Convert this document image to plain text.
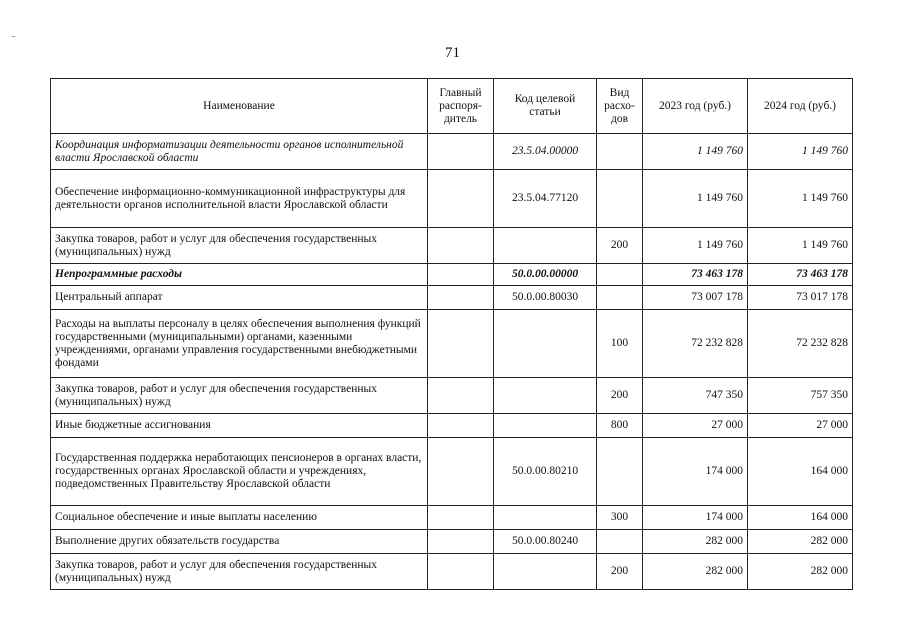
71
Наименование	Главный распоря-дитель	Код целевой статьи	Вид расхо-дов	2023 год (руб.)	2024 год (руб.)
Координация информатизации деятельности органов исполнительной власти Ярославской области		23.5.04.00000		1 149 760	1 149 760
Обеспечение информационно-коммуникационной инфраструктуры для деятельности органов исполнительной власти Ярославской области		23.5.04.77120		1 149 760	1 149 760
Закупка товаров, работ и услуг для обеспечения государственных (муниципальных) нужд			200	1 149 760	1 149 760
Непрограммные расходы		50.0.00.00000		73 463 178	73 463 178
Центральный аппарат		50.0.00.80030		73 007 178	73 017 178
Расходы на выплаты персоналу в целях обеспечения выполнения функций государственными (муниципальными) органами, казенными учреждениями, органами управления государственными внебюджетными фондами			100	72 232 828	72 232 828
Закупка товаров, работ и услуг для обеспечения государственных (муниципальных) нужд			200	747 350	757 350
Иные бюджетные ассигнования			800	27 000	27 000
Государственная поддержка неработающих пенсионеров в органах власти, государственных органах Ярославской области и учреждениях, подведомственных Правительству Ярославской области		50.0.00.80210		174 000	164 000
Социальное обеспечение и иные выплаты населению			300	174 000	164 000
Выполнение других обязательств государства		50.0.00.80240		282 000	282 000
Закупка товаров, работ и услуг для обеспечения государственных (муниципальных) нужд			200	282 000	282 000
